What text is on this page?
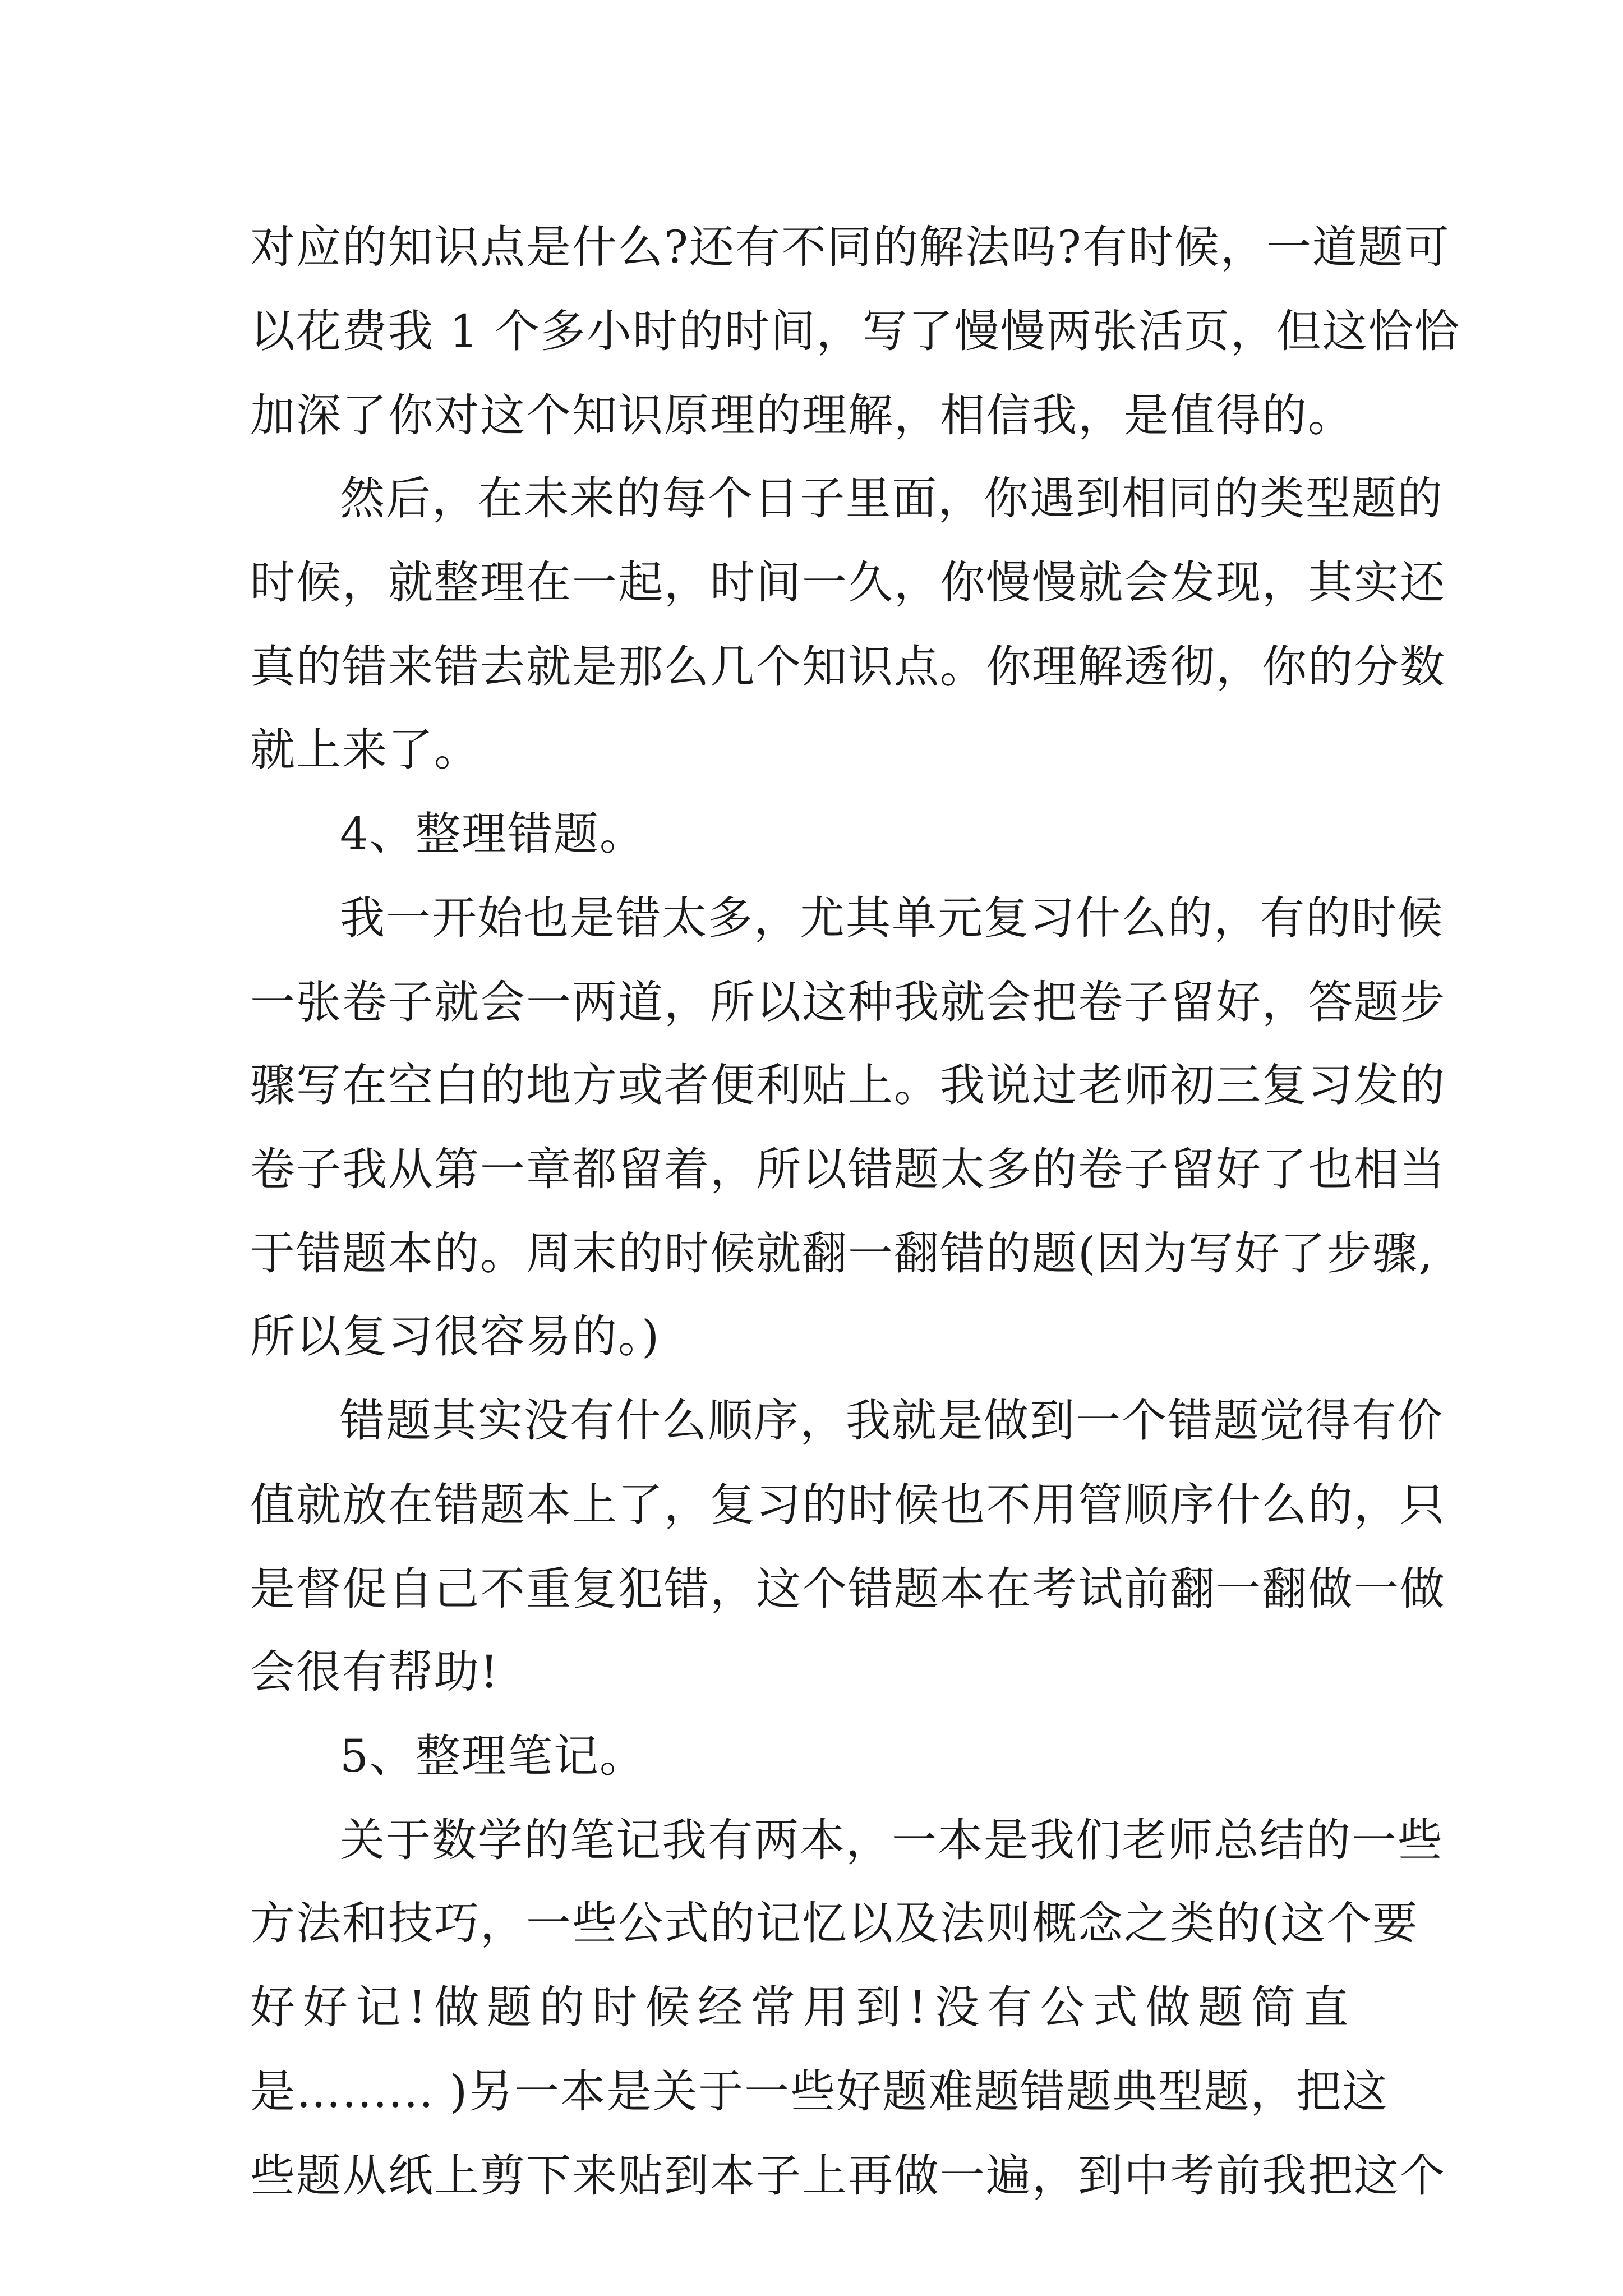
对应的知识点是什么?还有不同的解法吗?有时候，一道题可
以花费我 1 个多小时的时间，写了慢慢两张活页，但这恰恰
加深了你对这个知识原理的理解，相信我，是值得的。
然后，在未来的每个日子里面，你遇到相同的类型题的
时候，就整理在一起，时间一久，你慢慢就会发现，其实还
真的错来错去就是那么几个知识点。你理解透彻，你的分数
就上来了。
4、整理错题。
我一开始也是错太多，尤其单元复习什么的，有的时候
一张卷子就会一两道，所以这种我就会把卷子留好，答题步
骤写在空白的地方或者便利贴上。我说过老师初三复习发的
卷子我从第一章都留着，所以错题太多的卷子留好了也相当
于错题本的。周末的时候就翻一翻错的题(因为写好了步骤,
所以复习很容易的。)
错题其实没有什么顺序，我就是做到一个错题觉得有价
值就放在错题本上了，复习的时候也不用管顺序什么的，只
是督促自己不重复犯错，这个错题本在考试前翻一翻做一做
会很有帮助!
5、整理笔记。
关于数学的笔记我有两本，一本是我们老师总结的一些
方法和技巧，一些公式的记忆以及法则概念之类的(这个要
好好记!做题的时候经常用到!没有公式做题简直
是…...... )另一本是关于一些好题难题错题典型题，把这
些题从纸上剪下来贴到本子上再做一遍，到中考前我把这个
